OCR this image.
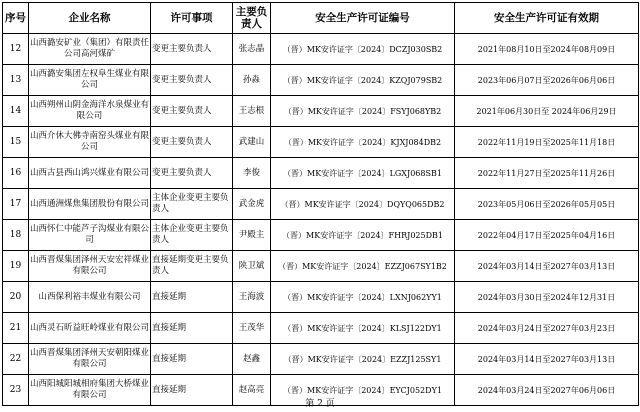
序号	企业名称	许可事项	主要负责人	安全生产许可证编号	安全生产许可证有效期
12	山西潞安矿业（集团）有限责任公司高河煤矿	变更主要负责人	张志晶	（晋）MK安许证字〔2024〕DCZJ030SB2	2021年08月10日至2024年08月09日
13	山西潞安集团左权阜生煤业有限公司	变更主要负责人	孙淼	（晋）MK安许证字〔2024〕KZQJ079SB2	2023年06月07日至2026年06月06日
14	山西朔州山阴金海洋水泉煤业有限公司	变更主要负责人	王志根	（晋）MK安许证字〔2024〕FSYJ068YB2	2021年06月30日至 2024年06月29日
15	山西介休大佛寺南窑头煤业有限公司	变更主要负责人	武建山	（晋）MK安许证字〔2024〕KJXJ084DB2	2022年11月19日至2025年11月18日
16	山西古县西山鸿兴煤业有限公司	变更主要负责人	李俊	（晋）MK安许证字〔2024〕LGXJ068SB1	2022年11月27日至2025年11月26日
17	山西通洲煤焦集团股份有限公司	主体企业变更主要负责人	武金虎	（晋）MK安许证字〔2024〕DQYQ065DB2	2023年05月06日至2026年05月05日
18	山西怀仁中能芦子沟煤业有限公司	主体企业变更主要负责人	尹殿主	（晋）MK安许证字〔2024〕FHRJ025DB1	2022年04月17日至2025年04月16日
19	山西晋煤集团泽州天安宏祥煤业有限公司	直接延期变更主要负责人	陕卫斌	（晋）MK安许证字〔2024〕EZZJ067SY1B2	2024年03月14日至2027年03月13日
20	山西保利裕丰煤业有限公司	直接延期	王海波	（晋）MK安许证字〔2024〕LXNJ062YY1	2024年03月30日至2024年12月31日
21	山西灵石昕益旺岭煤业有限公司	直接延期	王茂华	（晋）MK安许证字〔2024〕KLSJ122DY1	2024年03月24日至2027年03月23日
22	山西晋煤集团泽州天安朝阳煤业有限公司	直接延期	赵鑫	（晋）MK安许证字〔2024〕EZZJ125SY1	2024年03月14日至2027年03月13日
23	山西阳城阳城相府集团大桥煤业有限公司	直接延期	赵高亮	（晋）MK安许证字〔2024〕EYCJ052DY1	2024年03月24日至2027年06月06日
第 2 页
